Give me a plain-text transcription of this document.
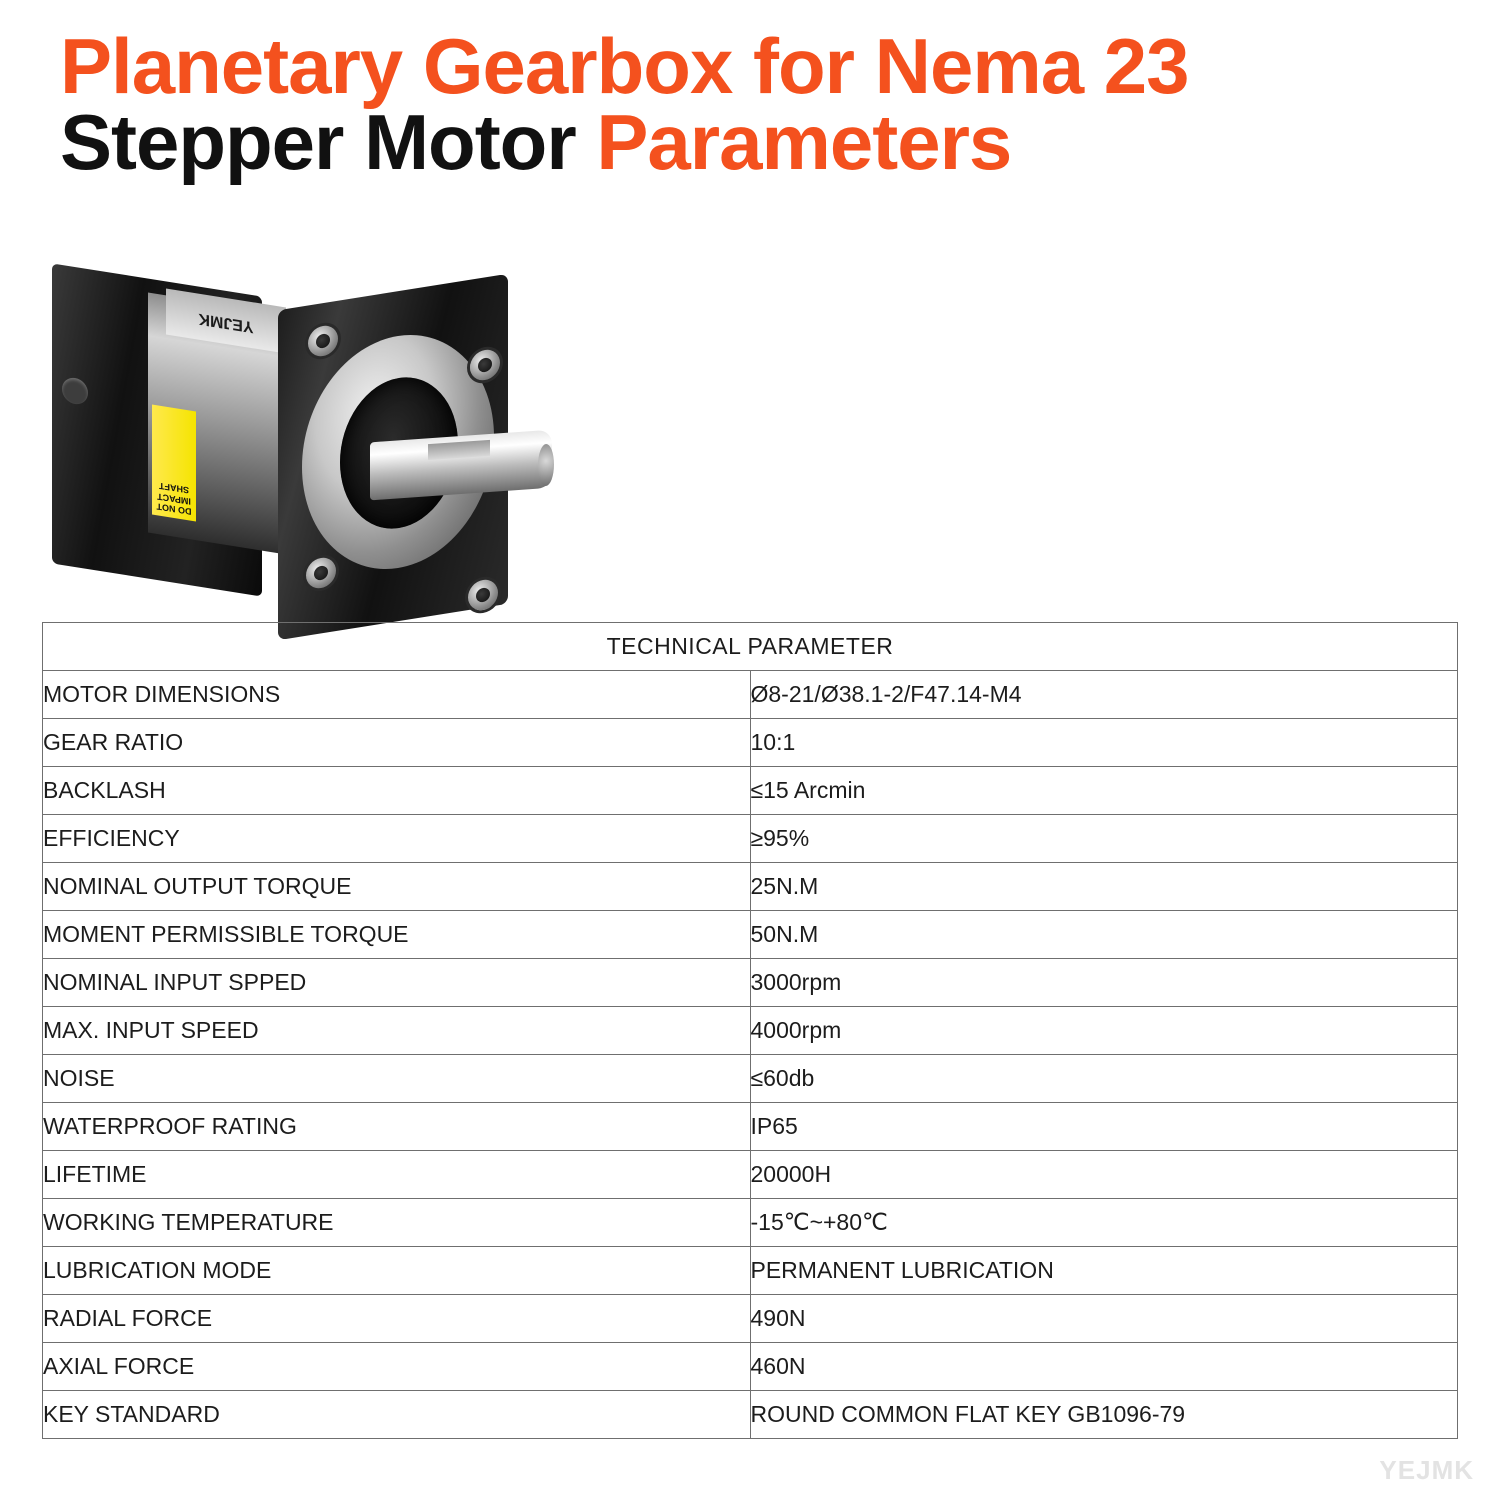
Planetary Gearbox for Nema 23
Stepper Motor Parameters
YEJMK
DO NOT IMPACT SHAFT
TECHNICAL PARAMETER	
MOTOR DIMENSIONS	Ø8-21/Ø38.1-2/F47.14-M4
GEAR RATIO	10:1
BACKLASH	≤15 Arcmin
EFFICIENCY	≥95%
NOMINAL OUTPUT TORQUE	25N.M
MOMENT PERMISSIBLE TORQUE	50N.M
NOMINAL INPUT SPPED	3000rpm
MAX. INPUT SPEED	4000rpm
NOISE	≤60db
WATERPROOF RATING	IP65
LIFETIME	20000H
WORKING TEMPERATURE	-15℃~+80℃
LUBRICATION MODE	PERMANENT LUBRICATION
RADIAL FORCE	490N
AXIAL FORCE	460N
KEY STANDARD	ROUND COMMON FLAT KEY GB1096-79
YEJMK
